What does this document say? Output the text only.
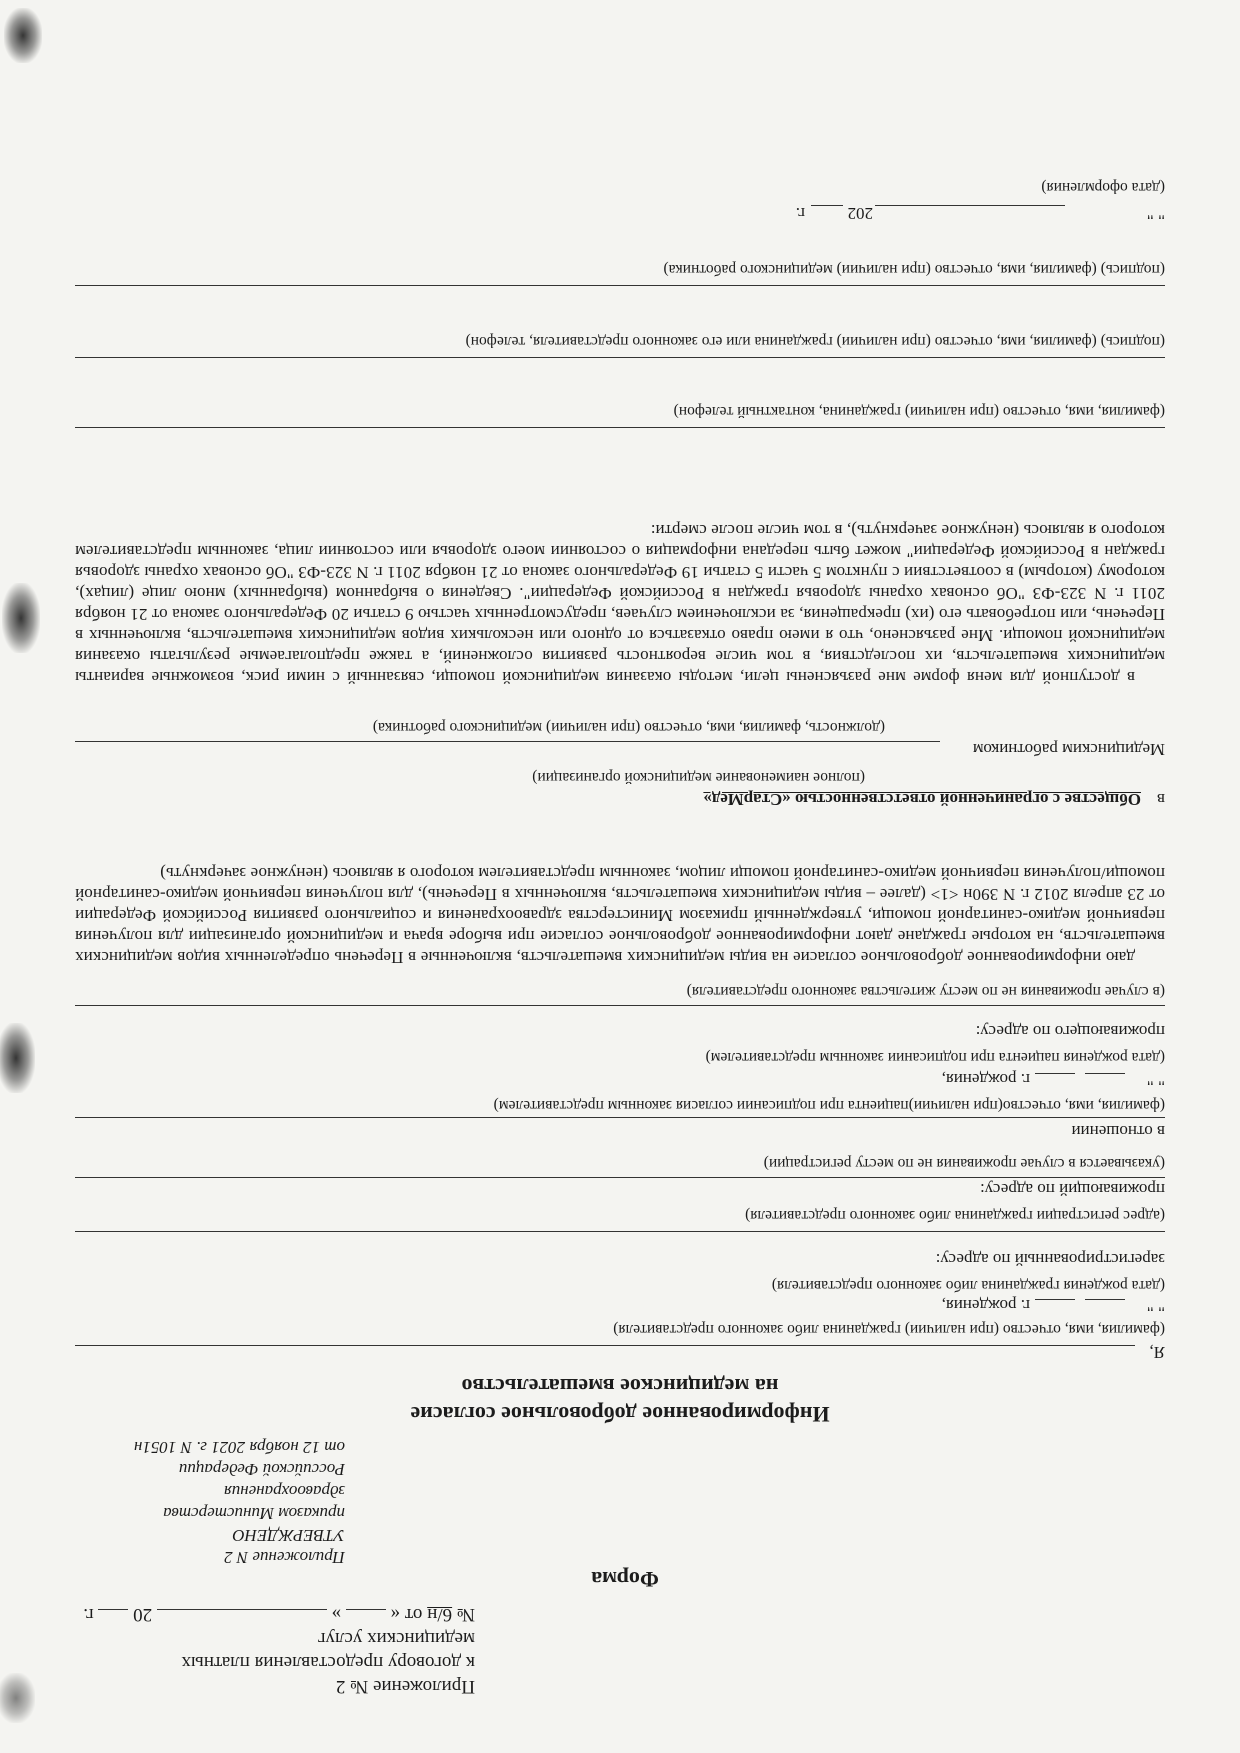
Приложение № 2
к договору предоставления платных медицинских услуг
№ 6/н от «  »  20  г.
Форма
Приложение N 2
УТВЕРЖДЕНО
приказом Министерства
здравоохранения
Российской Федерации
от 12 ноября 2021 г. N 1051н
Информированное добровольное согласие
на медицинское вмешательство
Я,
(фамилия, имя, отчество (при наличии) гражданина либо законного представителя)
" "
г. рождения,
(дата рождения гражданина либо законного представителя)
зарегистрированный по адресу:
(адрес регистрации гражданина либо законного представителя)
проживающий по адресу:
(указывается в случае проживания не по месту регистрации)
в отношении
(фамилия, имя, отчество(при наличии)пациента при подписании согласия законным представителем)
" "
г. рождения,
(дата рождения пациента при подписании законным представителем)
проживающего по адресу:
(в случае проживания не по месту жительства законного представителя)
даю информированное добровольное согласие на виды медицинских вмешательств, включенные в Перечень определенных видов медицинских вмешательств, на которые граждане дают информированное добровольное согласие при выборе врача и медицинской организации для получения первичной медико-санитарной помощи, утвержденный приказом Министерства здравоохранения и социального развития Российской Федерации от 23 апреля 2012 г. N 390н <1> (далее – виды медицинских вмешательств, включенных в Перечень), для получения первичной медико-санитарной помощи/получения первичной медико-санитарной помощи лицом, законным представителем которого я являюсь (ненужное зачеркнуть)
в
Обществе с ограниченной ответственностью «СтарМед»
(полное наименование медицинской организации)
Медицинским работником
(должность, фамилия, имя, отчество (при наличии) медицинского работника)
в доступной для меня форме мне разъяснены цели, методы оказания медицинской помощи, связанный с ними риск, возможные варианты медицинских вмешательств, их последствия, в том числе вероятность развития осложнений, а также предполагаемые результаты оказания медицинской помощи. Мне разъяснено, что я имею право отказаться от одного или нескольких видов медицинских вмешательств, включенных в Перечень, или потребовать его (их) прекращения, за исключением случаев, предусмотренных частью 9 статьи 20 Федерального закона от 21 ноября 2011 г. N 323-ФЗ "Об основах охраны здоровья граждан в Российской Федерации". Сведения о выбранном (выбранных) мною лице (лицах), которому (которым) в соответствии с пунктом 5 части 5 статьи 19 Федерального закона от 21 ноября 2011 г. N 323-ФЗ "Об основах охраны здоровья граждан в Российской Федерации" может быть передана информация о состоянии моего здоровья или состоянии лица, законным представителем которого я являюсь (ненужное зачеркнуть), в том числе после смерти:
(фамилия, имя, отчество (при наличии) гражданина, контактный телефон)
(подпись) (фамилия, имя, отчество (при наличии) гражданина или его законного представителя, телефон)
(подпись) (фамилия, имя, отчество (при наличии) медицинского работника)
" "
202
г.
(дата оформления)
